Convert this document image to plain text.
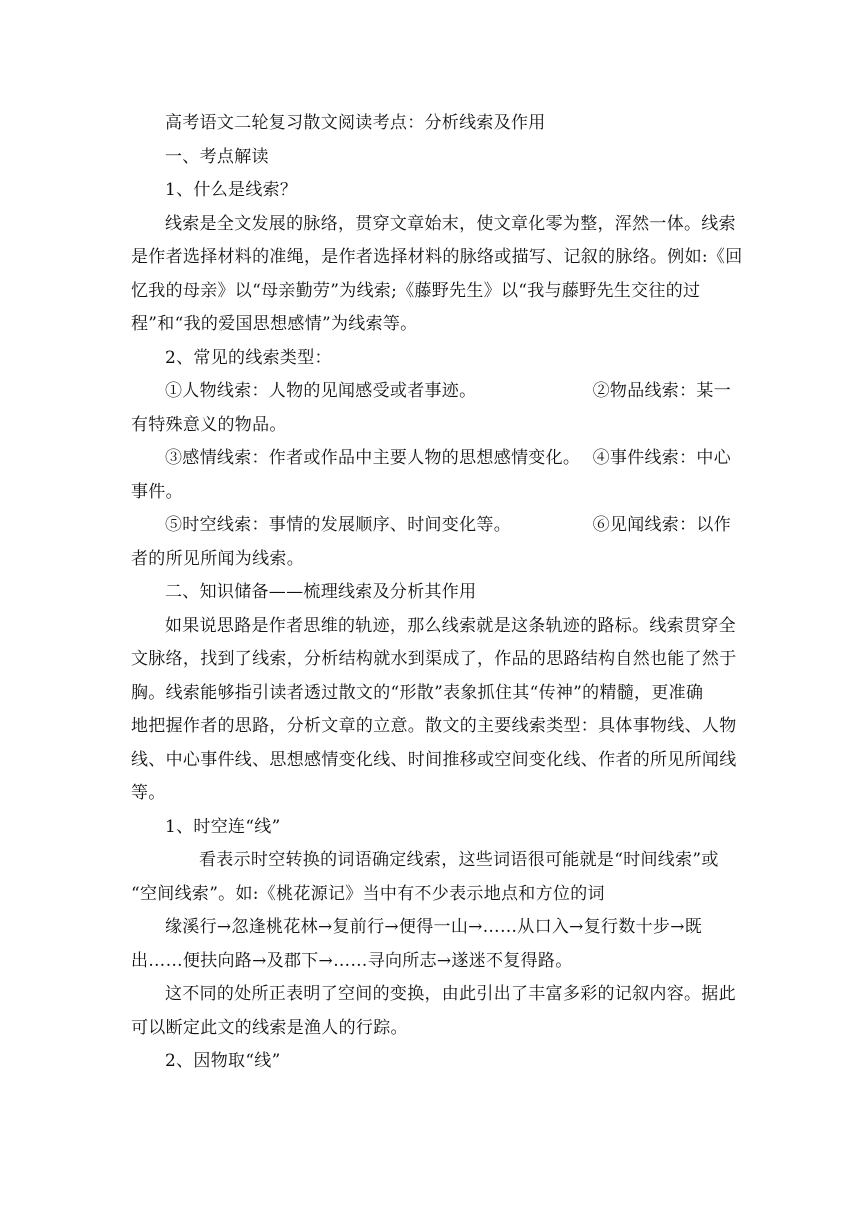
高考语文二轮复习散文阅读考点：分析线索及作用

一、考点解读

1、什么是线索？

线索是全文发展的脉络，贯穿文章始末，使文章化零为整，浑然一体。线索
是作者选择材料的准绳，是作者选择材料的脉络或描写、记叙的脉络。例如:《回
忆我的母亲》以“母亲勤劳”为线索;《藤野先生》以“我与藤野先生交往的过
程”和“我的爱国思想感情”为线索等。

2、常见的线索类型：

①人物线索：人物的见闻感受或者事迹。	②物品线索：某一
有特殊意义的物品。
③感情线索：作者或作品中主要人物的思想感情变化。 ④事件线索：中心
事件。
⑤时空线索：事情的发展顺序、时间变化等。	⑥见闻线索：以作
者的所见所闻为线索。

二、知识储备——梳理线索及分析其作用

如果说思路是作者思维的轨迹，那么线索就是这条轨迹的路标。线索贯穿全
文脉络，找到了线索，分析结构就水到渠成了，作品的思路结构自然也能了然于
胸。线索能够指引读者透过散文的“形散”表象抓住其“传神”的精髓，更准确
地把握作者的思路，分析文章的立意。散文的主要线索类型：具体事物线、人物
线、中心事件线、思想感情变化线、时间推移或空间变化线、作者的所见所闻线
等。

1、时空连“线”

看表示时空转换的词语确定线索，这些词语很可能就是“时间线索”或
“空间线索”。如:《桃花源记》当中有不少表示地点和方位的词
缘溪行→忽逢桃花林→复前行→便得一山→……从口入→复行数十步→既
出……便扶向路→及郡下→……寻向所志→遂迷不复得路。
这不同的处所正表明了空间的变换，由此引出了丰富多彩的记叙内容。据此
可以断定此文的线索是渔人的行踪。

2、因物取“线”
